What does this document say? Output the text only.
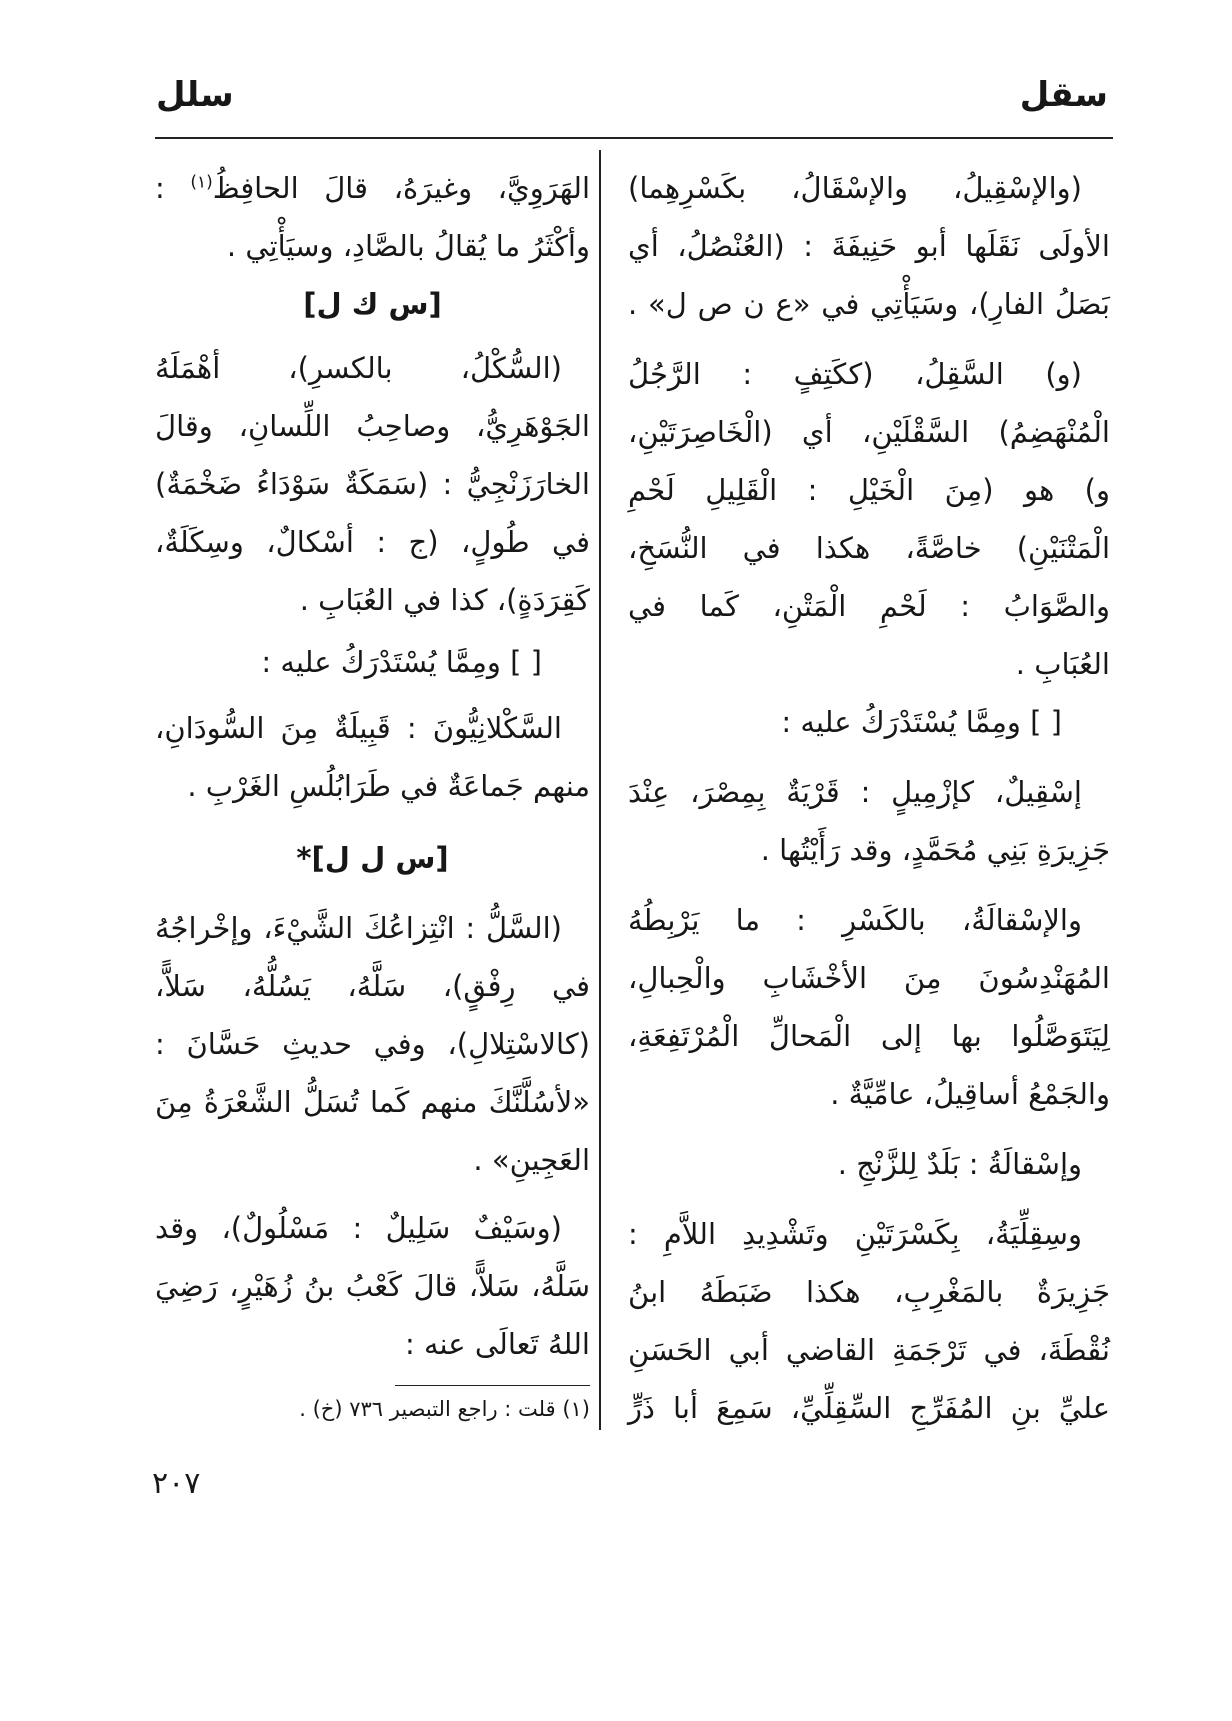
سقل
سلل
(والإسْقِيلُ، والإسْقَالُ، بكَسْرِهِما)
الأولَى نَقَلَها أبو حَنِيفَةَ : (العُنْصُلُ، أي
بَصَلُ الفارِ)، وسَيَأْتِي في «ع ن ص ل» .
(و) السَّقِلُ، (ككَتِفٍ : الرَّجُلُ
الْمُنْهَضِمُ) السَّقْلَيْنِ، أي (الْخَاصِرَتَيْنِ،
و) هو (مِنَ الْخَيْلِ : الْقَلِيلِ لَحْمِ
الْمَتْنَيْنِ) خاصَّةً، هكذا في النُّسَخِ،
والصَّوَابُ : لَحْمِ الْمَتْنِ، كَما في
العُبَابِ .
[ ] ومِمَّا يُسْتَدْرَكُ عليه :
إسْقِيلٌ، كإزْمِيلٍ : قَرْيَةٌ بِمِصْرَ، عِنْدَ
جَزِيرَةِ بَنِي مُحَمَّدٍ، وقد رَأَيْتُها .
والإسْقالَةُ، بالكَسْرِ : ما يَرْبِطُهُ
المُهَنْدِسُونَ مِنَ الأخْشَابِ والْحِبالِ،
لِيَتَوَصَّلُوا بها إلى الْمَحالِّ الْمُرْتَفِعَةِ،
والجَمْعُ أساقِيلُ، عامِّيَّةٌ .
وإسْقالَةُ : بَلَدٌ لِلزَّنْجِ .
وسِقِلِّيَةُ، بِكَسْرَتَيْنِ وتَشْدِيدِ اللاَّمِ :
جَزِيرَةٌ بالمَغْرِبِ، هكذا ضَبَطَهُ ابنُ
نُقْطَةَ، في تَرْجَمَةِ القاضي أبي الحَسَنِ
عليِّ بنِ المُفَرِّجِ السِّقِلِّيِّ، سَمِعَ أبا ذَرٍّ
الهَرَوِيَّ، وغيرَهُ، قالَ الحافِظُ$^{(١)}$ :
وأكْثَرُ ما يُقالُ بالصَّادِ، وسيَأْتِي .
[س ك ل]
(السُّكْلُ، بالكسرِ)، أهْمَلَهُ
الجَوْهَرِيُّ، وصاحِبُ اللِّسانِ، وقالَ
الخارَزَنْجِيُّ : (سَمَكَةٌ سَوْدَاءُ ضَخْمَةٌ)
في طُولٍ، (ج : أسْكالٌ، وسِكَلَةٌ،
كَقِرَدَةٍ)، كذا في العُبَابِ .
[ ] ومِمَّا يُسْتَدْرَكُ عليه :
السَّكْلانِيُّونَ : قَبِيلَةٌ مِنَ السُّودَانِ،
منهم جَماعَةٌ في طَرَابُلُسِ الغَرْبِ .
[س ل ل]*
(السَّلُّ : انْتِزاعُكَ الشَّيْءَ، وإخْراجُهُ
في رِفْقٍ)، سَلَّهُ، يَسُلُّهُ، سَلاًّ،
(كالاسْتِلالِ)، وفي حديثِ حَسَّانَ :
«لأسُلَّنَّكَ منهم كَما تُسَلُّ الشَّعْرَةُ مِنَ
العَجِينِ» .
(وسَيْفٌ سَلِيلٌ : مَسْلُولٌ)، وقد
سَلَّهُ، سَلاًّ، قالَ كَعْبُ بنُ زُهَيْرٍ، رَضِيَ
اللهُ تَعالَى عنه :
(١) قلت : راجع التبصير ٧٣٦ (خ) .
٢٠٧
